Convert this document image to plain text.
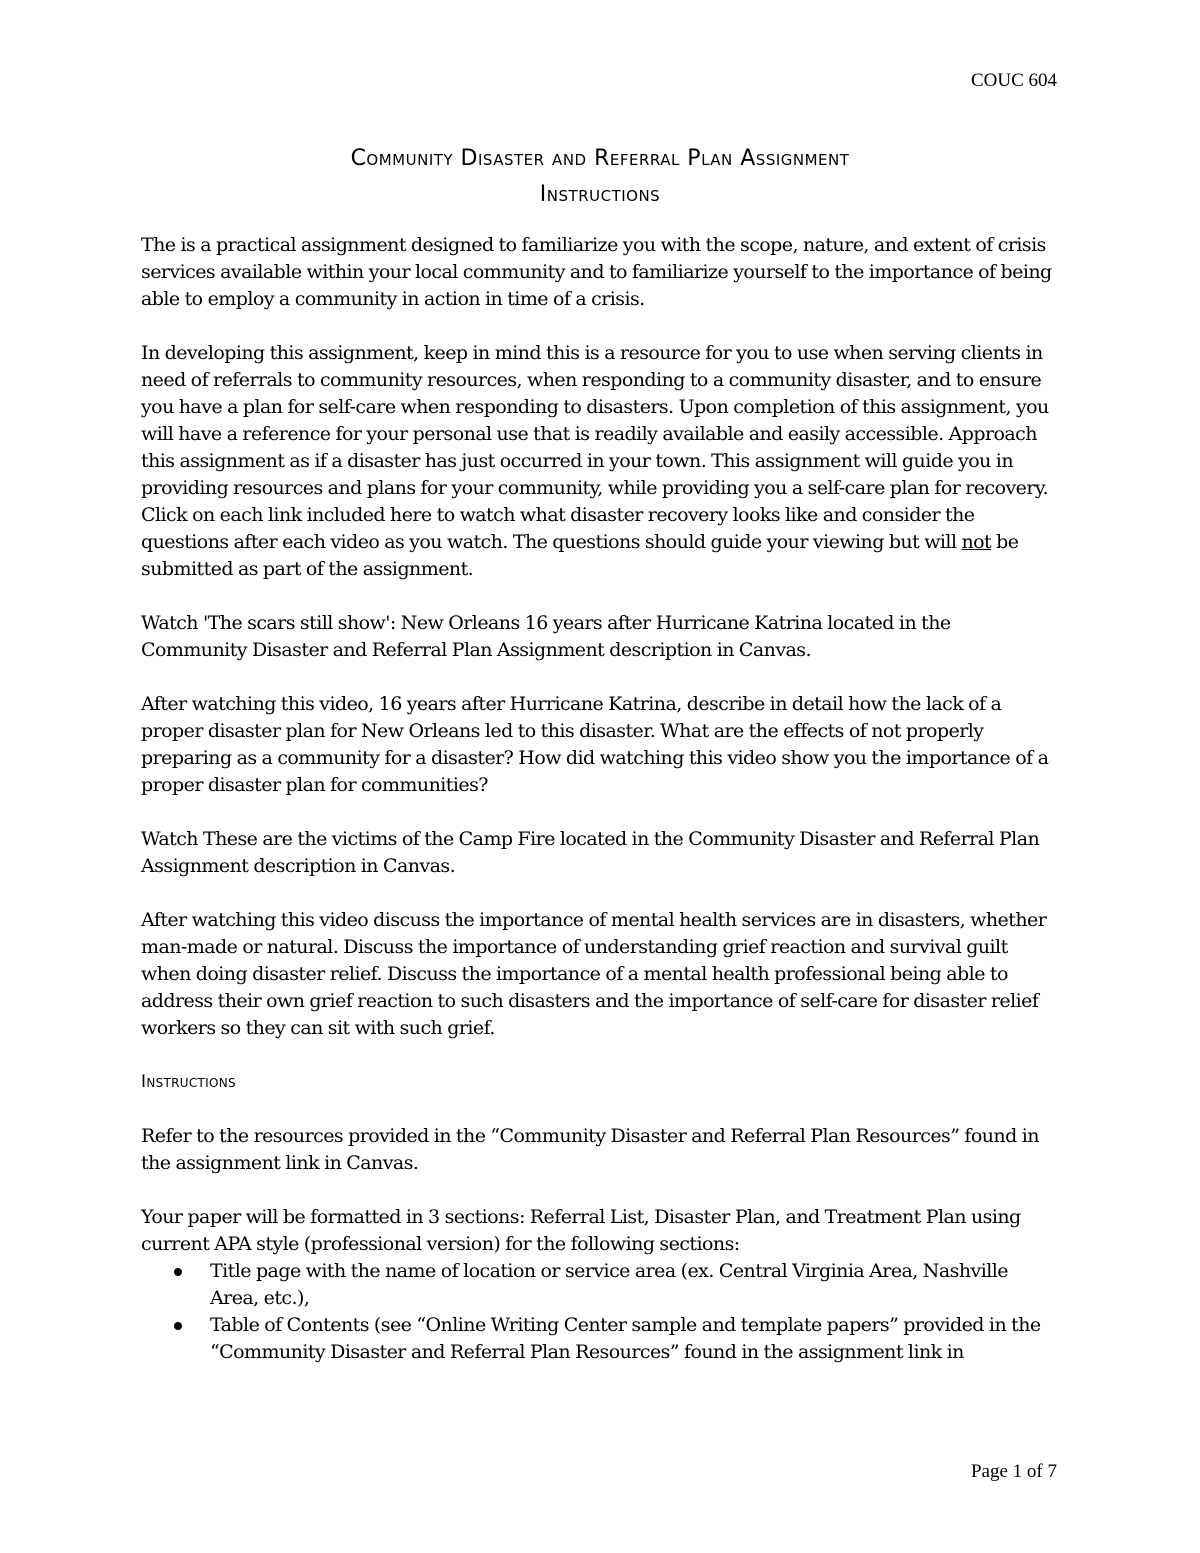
COUC 604
Community Disaster and Referral Plan Assignment
Instructions

The is a practical assignment designed to familiarize you with the scope, nature, and extent of crisis services available within your local community and to familiarize yourself to the importance of being able to employ a community in action in time of a crisis.

In developing this assignment, keep in mind this is a resource for you to use when serving clients in need of referrals to community resources, when responding to a community disaster, and to ensure you have a plan for self-care when responding to disasters. Upon completion of this assignment, you will have a reference for your personal use that is readily available and easily accessible. Approach this assignment as if a disaster has just occurred in your town. This assignment will guide you in providing resources and plans for your community, while providing you a self-care plan for recovery. Click on each link included here to watch what disaster recovery looks like and consider the questions after each video as you watch. The questions should guide your viewing but will not be submitted as part of the assignment.

Watch 'The scars still show': New Orleans 16 years after Hurricane Katrina located in the Community Disaster and Referral Plan Assignment description in Canvas.

After watching this video, 16 years after Hurricane Katrina, describe in detail how the lack of a proper disaster plan for New Orleans led to this disaster. What are the effects of not properly preparing as a community for a disaster? How did watching this video show you the importance of a proper disaster plan for communities?

Watch These are the victims of the Camp Fire located in the Community Disaster and Referral Plan Assignment description in Canvas.

After watching this video discuss the importance of mental health services are in disasters, whether man-made or natural. Discuss the importance of understanding grief reaction and survival guilt when doing disaster relief. Discuss the importance of a mental health professional being able to address their own grief reaction to such disasters and the importance of self-care for disaster relief workers so they can sit with such grief.

Instructions

Refer to the resources provided in the “Community Disaster and Referral Plan Resources” found in the assignment link in Canvas.

Your paper will be formatted in 3 sections: Referral List, Disaster Plan, and Treatment Plan using current APA style (professional version) for the following sections:

Title page with the name of location or service area (ex. Central Virginia Area, Nashville Area, etc.),
Table of Contents (see “Online Writing Center sample and template papers” provided in the “Community Disaster and Referral Plan Resources” found in the assignment link in
Page 1 of 7
